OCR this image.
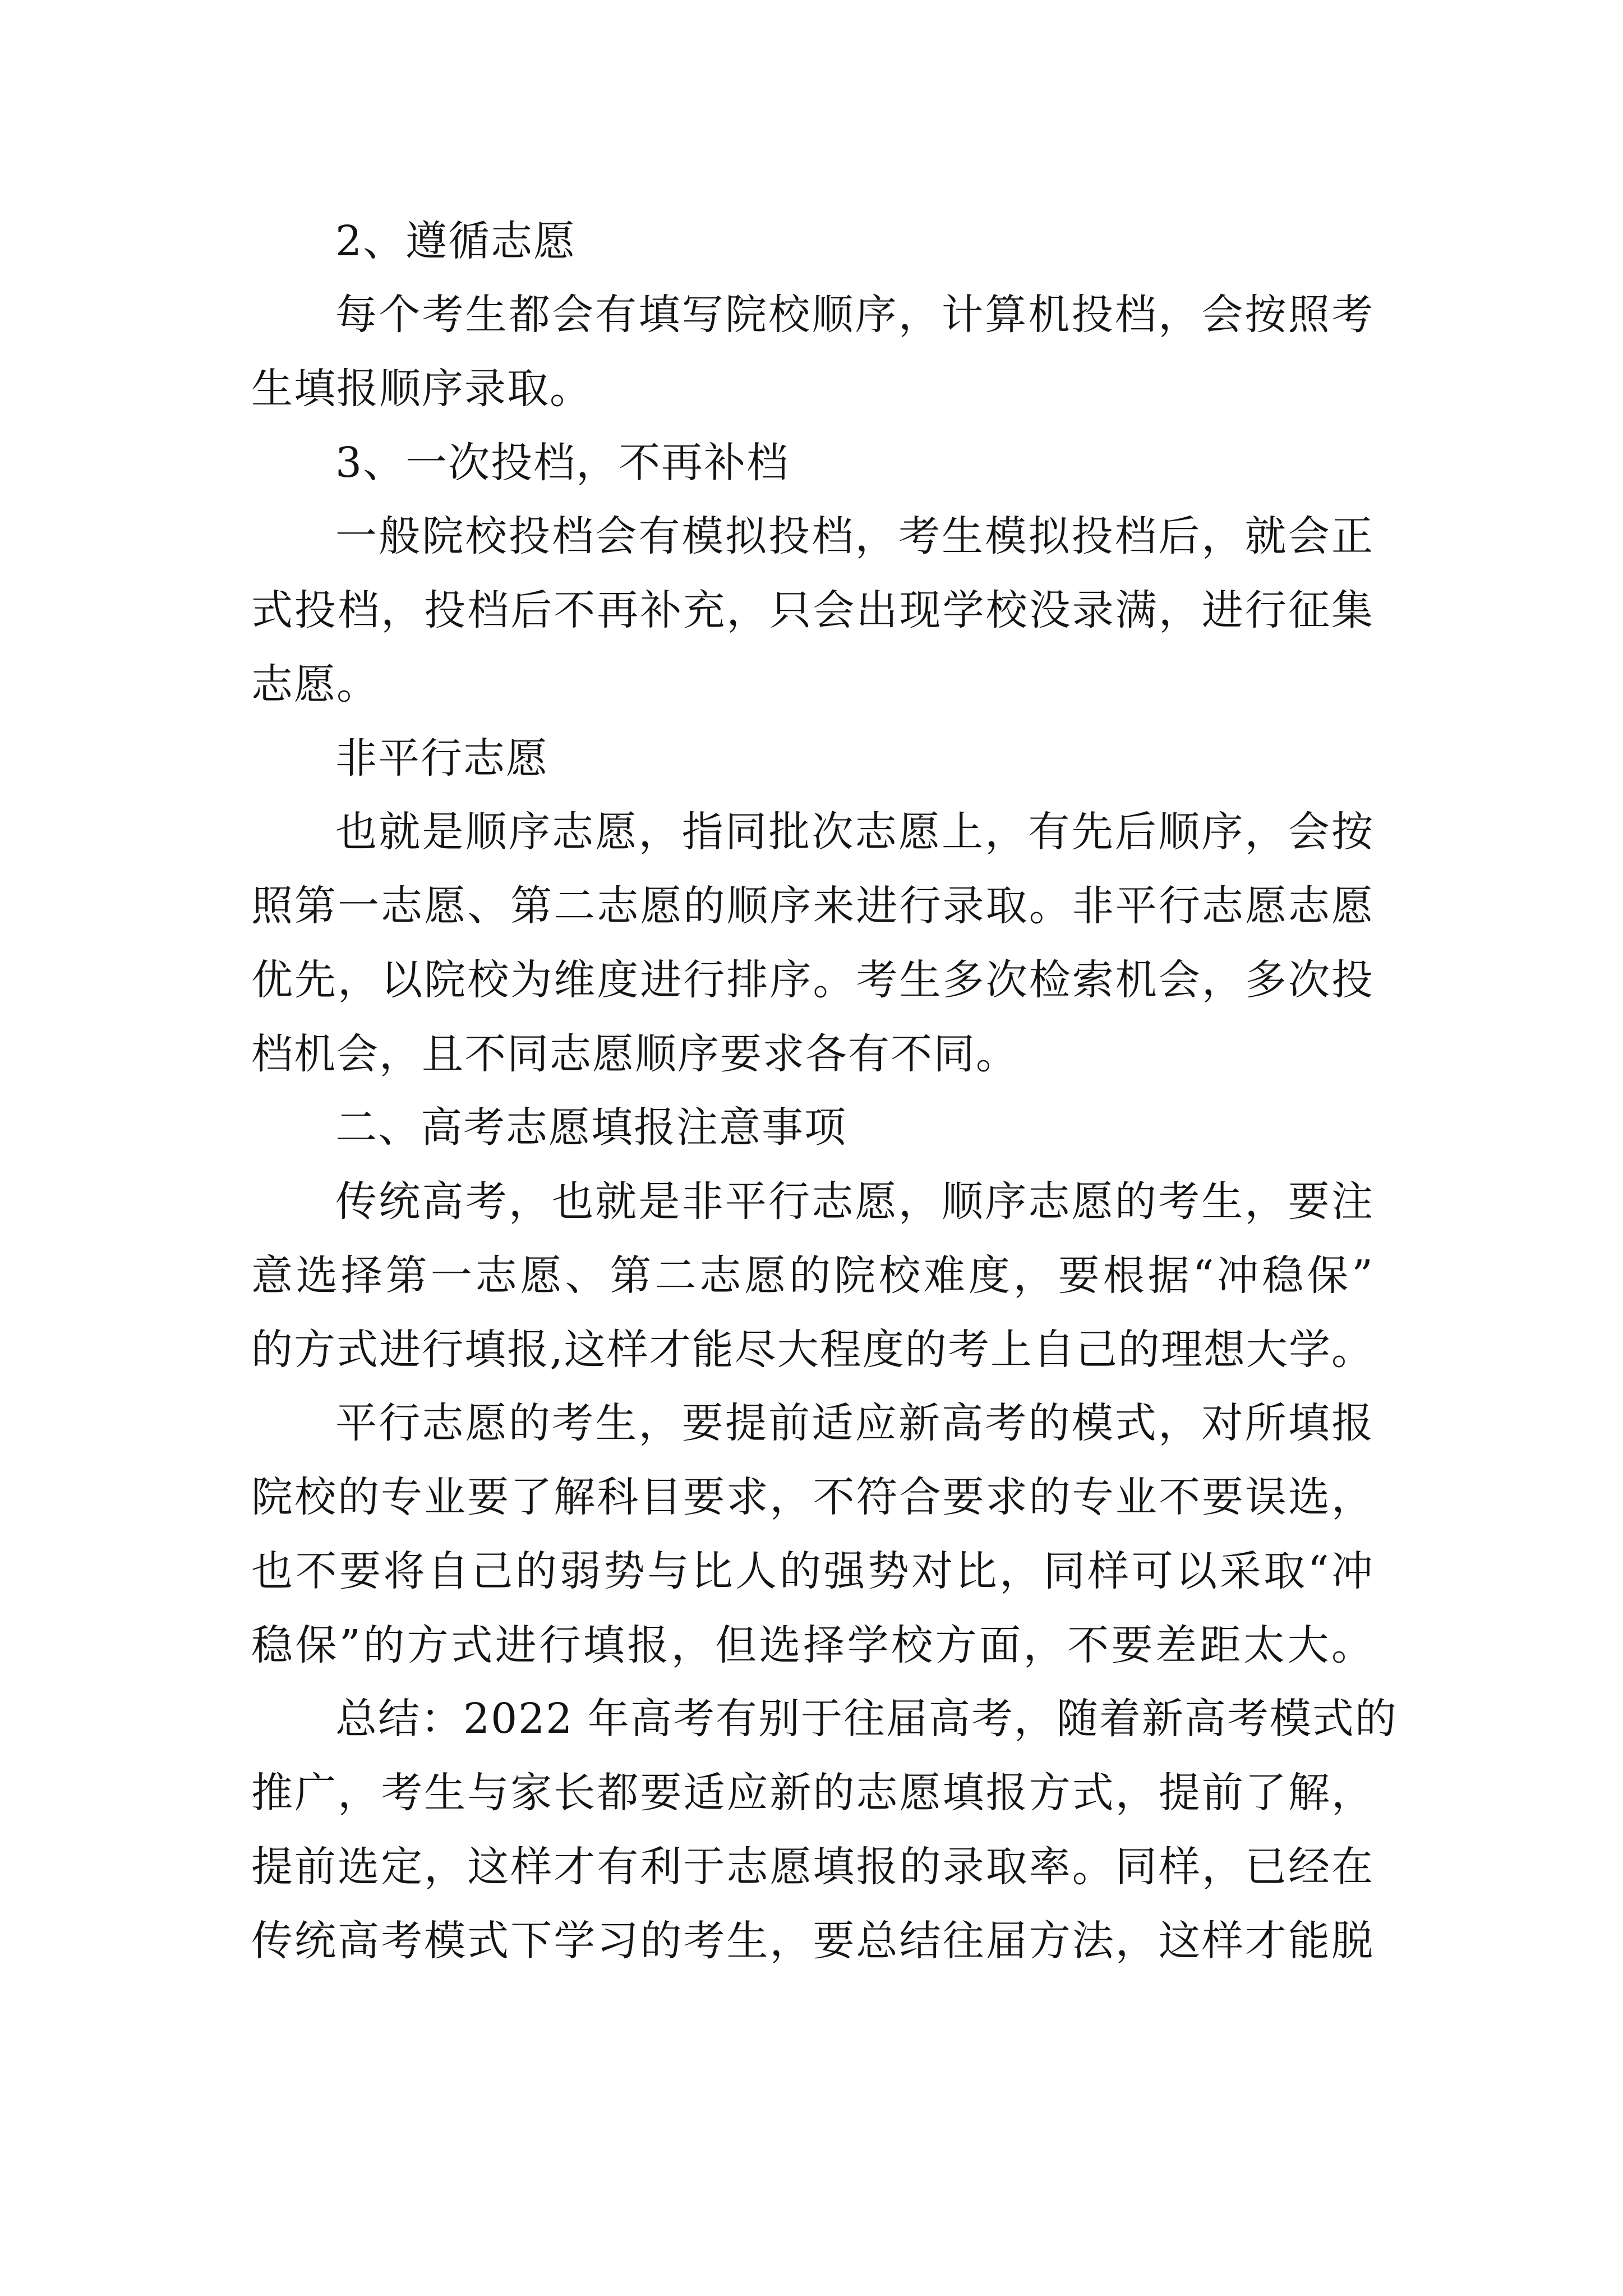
2、遵循志愿
每个考生都会有填写院校顺序，计算机投档，会按照考
生填报顺序录取。
3、一次投档，不再补档
一般院校投档会有模拟投档，考生模拟投档后，就会正
式投档，投档后不再补充，只会出现学校没录满，进行征集
志愿。
非平行志愿
也就是顺序志愿，指同批次志愿上，有先后顺序，会按
照第一志愿、第二志愿的顺序来进行录取。非平行志愿志愿
优先，以院校为维度进行排序。考生多次检索机会，多次投
档机会，且不同志愿顺序要求各有不同。
二、高考志愿填报注意事项
传统高考，也就是非平行志愿，顺序志愿的考生，要注
意选择第一志愿、第二志愿的院校难度，要根据“冲稳保”
的方式进行填报,这样才能尽大程度的考上自己的理想大学。
平行志愿的考生，要提前适应新高考的模式，对所填报
院校的专业要了解科目要求，不符合要求的专业不要误选，
也不要将自己的弱势与比人的强势对比，同样可以采取“冲
稳保”的方式进行填报，但选择学校方面，不要差距太大。
总结：2022 年高考有别于往届高考，随着新高考模式的
推广，考生与家长都要适应新的志愿填报方式，提前了解，
提前选定，这样才有利于志愿填报的录取率。同样，已经在
传统高考模式下学习的考生，要总结往届方法，这样才能脱
